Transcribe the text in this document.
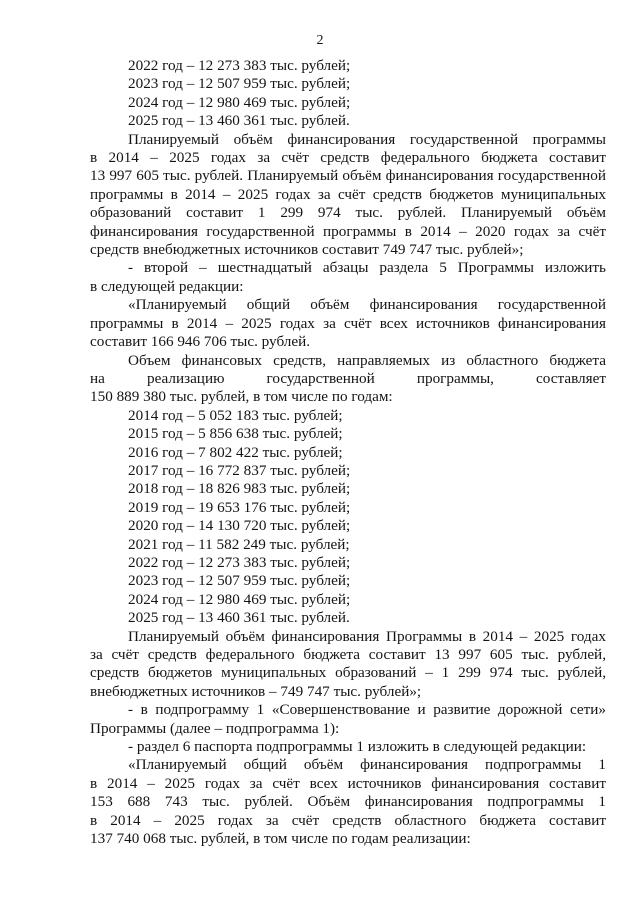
2
2022 год – 12 273 383 тыс. рублей;
2023 год – 12 507 959 тыс. рублей;
2024 год – 12 980 469 тыс. рублей;
2025 год – 13 460 361 тыс. рублей.
Планируемый объём финансирования государственной программы
в 2014 – 2025 годах за счёт средств федерального бюджета составит
13 997 605 тыс. рублей. Планируемый объём финансирования государственной
программы в 2014 – 2025 годах за счёт средств бюджетов муниципальных
образований составит 1 299 974 тыс. рублей. Планируемый объём
финансирования государственной программы в 2014 – 2020 годах за счёт
средств внебюджетных источников составит 749 747 тыс. рублей»;
- второй – шестнадцатый абзацы раздела 5 Программы изложить
в следующей редакции:
«Планируемый общий объём финансирования государственной
программы в 2014 – 2025 годах за счёт всех источников финансирования
составит 166 946 706 тыс. рублей.
Объем финансовых средств, направляемых из областного бюджета
на реализацию государственной программы, составляет
150 889 380 тыс. рублей, в том числе по годам:
2014 год – 5 052 183 тыс. рублей;
2015 год – 5 856 638 тыс. рублей;
2016 год – 7 802 422 тыс. рублей;
2017 год – 16 772 837 тыс. рублей;
2018 год – 18 826 983 тыс. рублей;
2019 год – 19 653 176 тыс. рублей;
2020 год – 14 130 720 тыс. рублей;
2021 год – 11 582 249 тыс. рублей;
2022 год – 12 273 383 тыс. рублей;
2023 год – 12 507 959 тыс. рублей;
2024 год – 12 980 469 тыс. рублей;
2025 год – 13 460 361 тыс. рублей.
Планируемый объём финансирования Программы в 2014 – 2025 годах
за счёт средств федерального бюджета составит 13 997 605 тыс. рублей,
средств бюджетов муниципальных образований – 1 299 974 тыс. рублей,
внебюджетных источников – 749 747 тыс. рублей»;
- в подпрограмму 1 «Совершенствование и развитие дорожной сети»
Программы (далее – подпрограмма 1):
- раздел 6 паспорта подпрограммы 1 изложить в следующей редакции:
«Планируемый общий объём финансирования подпрограммы 1
в 2014 – 2025 годах за счёт всех источников финансирования составит
153 688 743 тыс. рублей. Объём финансирования подпрограммы 1
в 2014 – 2025 годах за счёт средств областного бюджета составит
137 740 068 тыс. рублей, в том числе по годам реализации:
